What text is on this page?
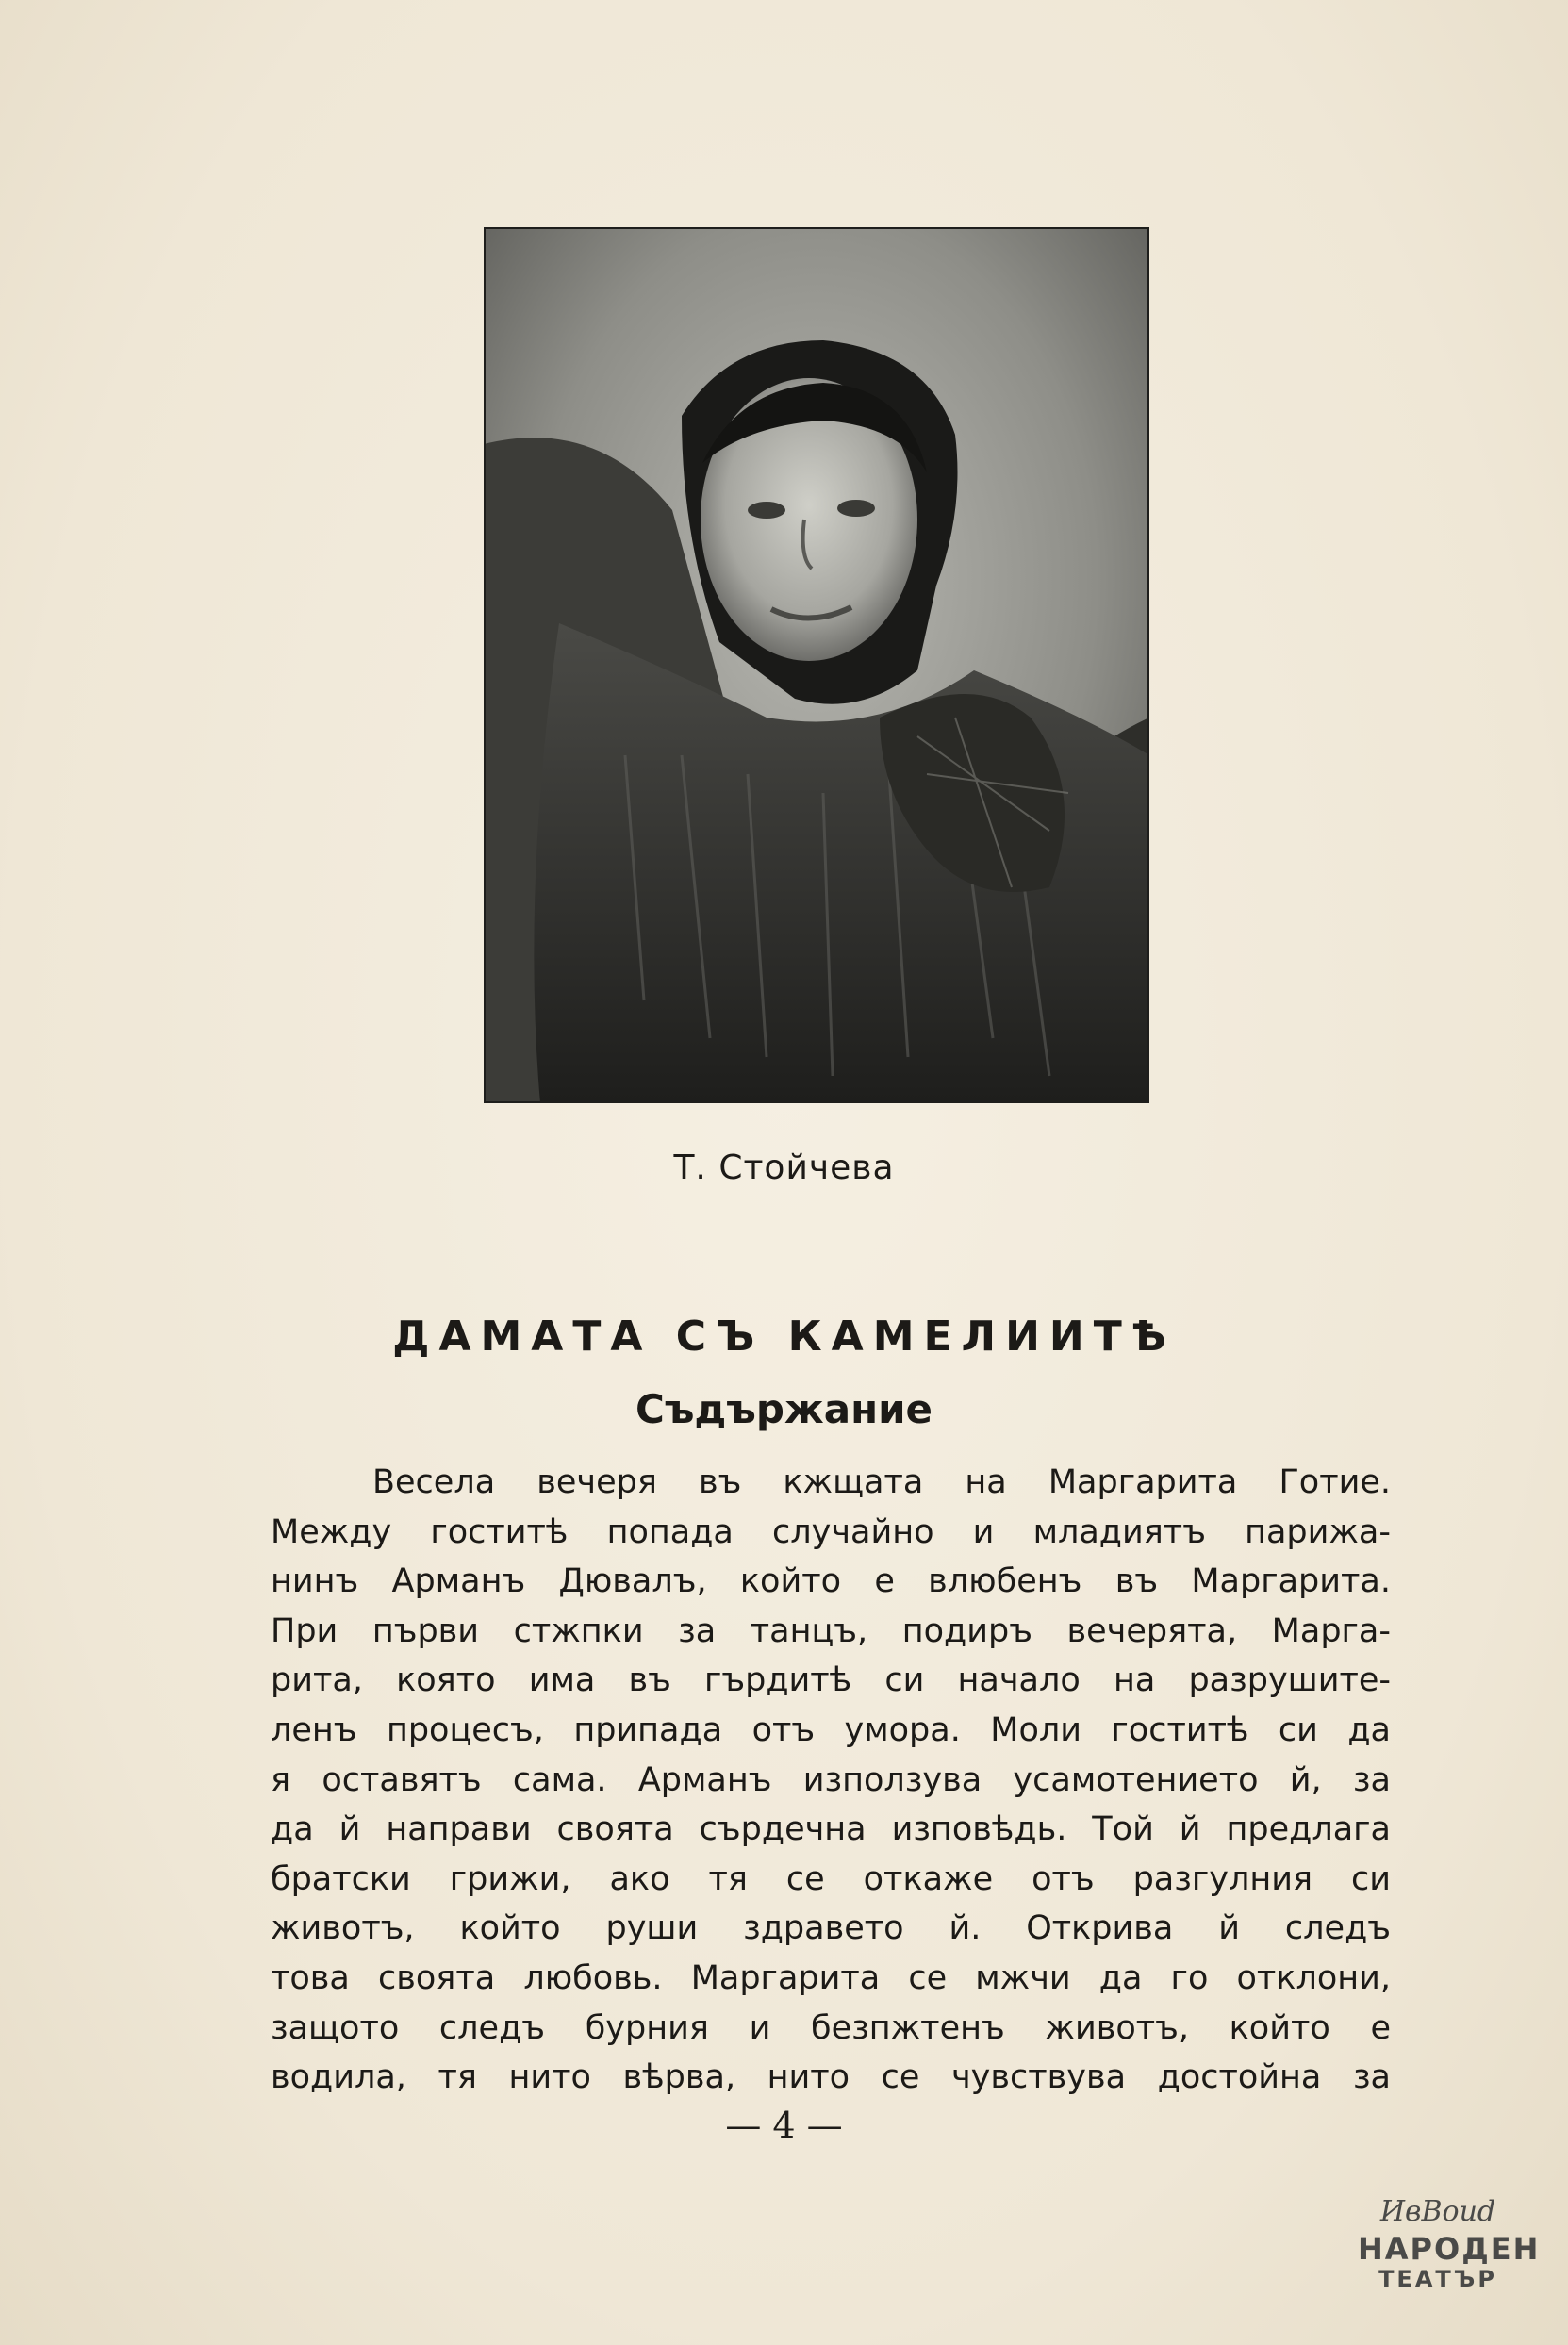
Т. Стойчева
ДАМАТА СЪ КАМЕЛИИТѢ
Съдържание
Весела вечеря въ кжщата на Маргарита Готие.
Между гоститѣ попада случайно и младиятъ парижа-
нинъ Арманъ Дювалъ, който е влюбенъ въ Маргарита.
При първи стжпки за танцъ, подиръ вечерята, Марга-
рита, която има въ гърдитѣ си начало на разрушите-
ленъ процесъ, припада отъ умора. Моли гоститѣ си да
я оставятъ сама. Арманъ използува усамотението й, за
да й направи своята сърдечна изповѣдь. Той й предлага
братски грижи, ако тя се откаже отъ разгулния си
животъ, който руши здравето й. Открива й следъ
това своята любовь. Маргарита се мжчи да го отклони,
защото следъ бурния и безпжтенъ животъ, който е
водила, тя нито вѣрва, нито се чувствува достойна за
— 4 —
ИвBоиd
НАРОДЕН
ТЕАТЪР
